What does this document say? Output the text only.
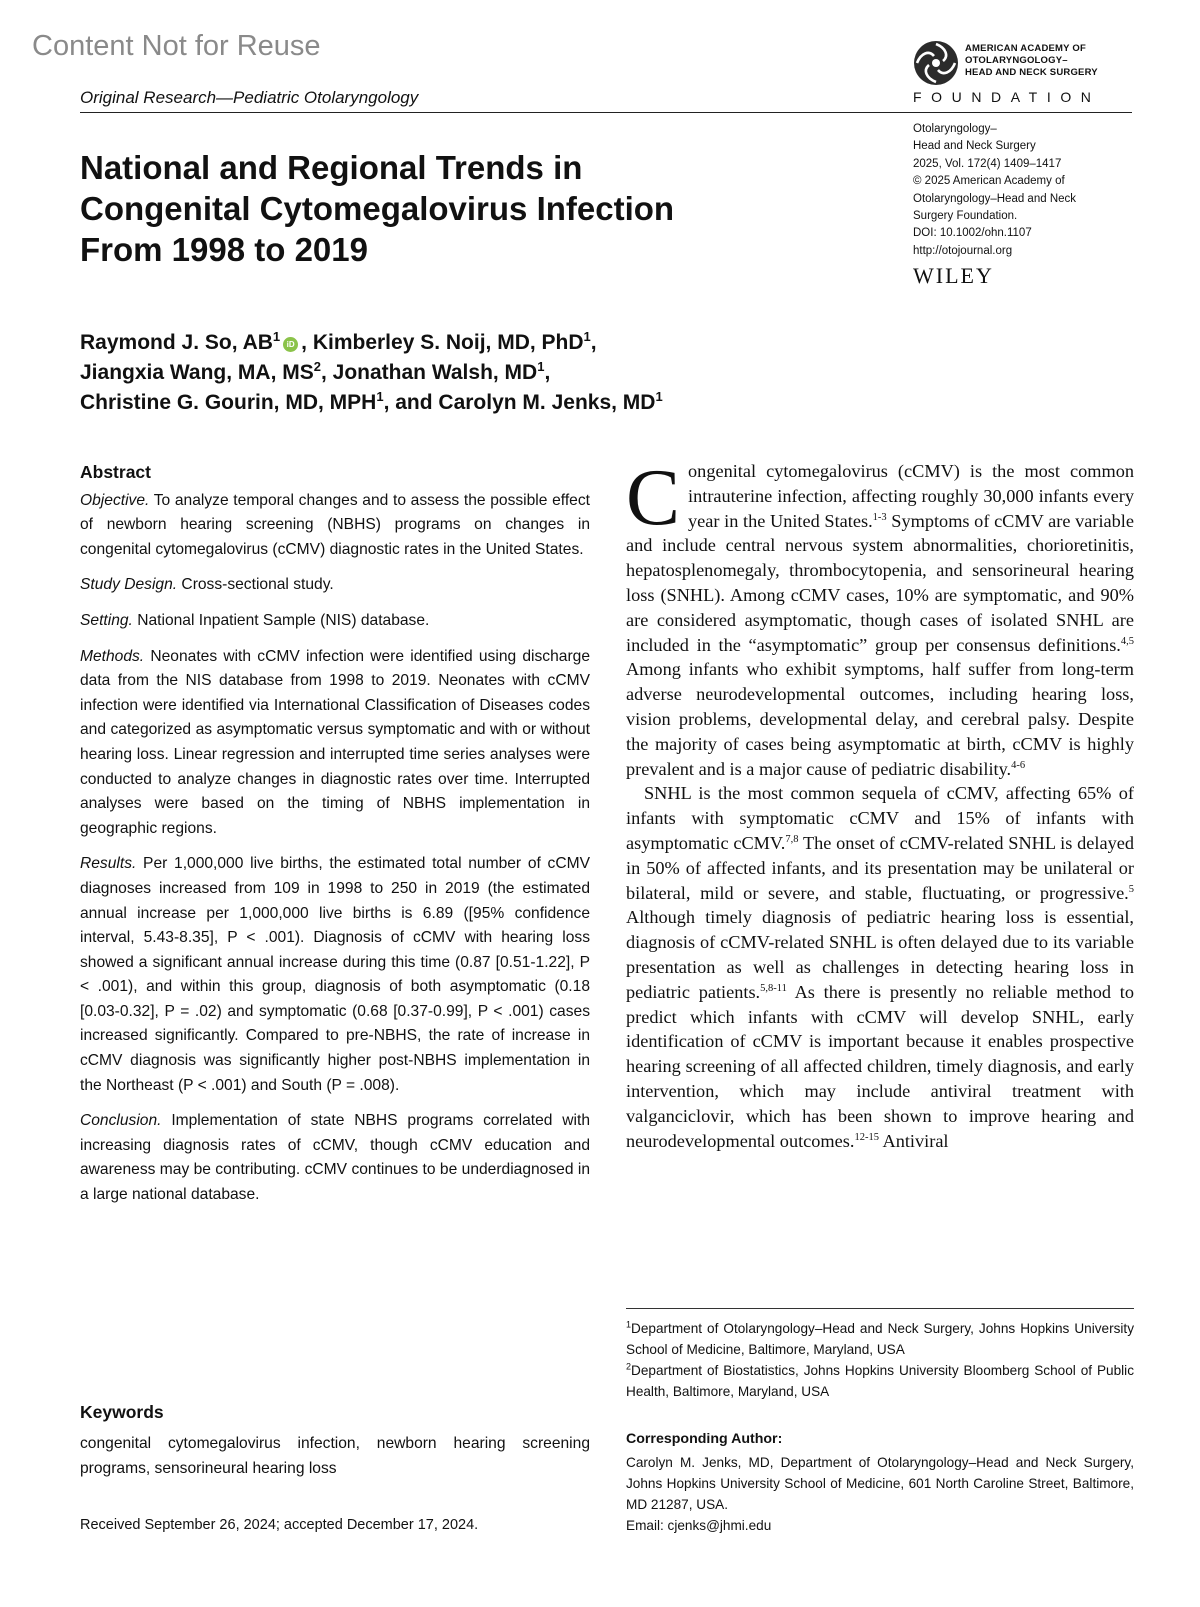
Content Not for Reuse
Original Research—Pediatric Otolaryngology
AMERICAN ACADEMY OF
OTOLARYNGOLOGY–
HEAD AND NECK SURGERY
FOUNDATION
Otolaryngology–
Head and Neck Surgery
2025, Vol. 172(4) 1409–1417
© 2025 American Academy of
Otolaryngology–Head and Neck
Surgery Foundation.
DOI: 10.1002/ohn.1107
http://otojournal.org
WILEY
National and Regional Trends in
Congenital Cytomegalovirus Infection
From 1998 to 2019
Raymond J. So, $AB^1iD$ , Kimberley S. Noij, MD, PhD$^1$,
Jiangxia Wang, MA, $MS^2$, Jonathan Walsh, $MD^1$,
Christine G. Gourin, MD, MPH$^1$, and Carolyn M. Jenks, $MD^1$
Abstract

Objective. To analyze temporal changes and to assess the possible effect of newborn hearing screening (NBHS) programs on changes in congenital cytomegalovirus (cCMV) diagnostic rates in the United States.

Study Design. Cross-sectional study.

Setting. National Inpatient Sample (NIS) database.

Methods. Neonates with cCMV infection were identified using discharge data from the NIS database from 1998 to 2019. Neonates with cCMV infection were identified via International Classification of Diseases codes and categorized as asymptomatic versus symptomatic and with or without hearing loss. Linear regression and interrupted time series analyses were conducted to analyze changes in diagnostic rates over time. Interrupted analyses were based on the timing of NBHS implementation in geographic regions.

Results. Per 1,000,000 live births, the estimated total number of cCMV diagnoses increased from 109 in 1998 to 250 in 2019 (the estimated annual increase per 1,000,000 live births is 6.89 ([95% confidence interval, 5.43-8.35], P < .001). Diagnosis of cCMV with hearing loss showed a significant annual increase during this time (0.87 [0.51-1.22], P < .001), and within this group, diagnosis of both asymptomatic (0.18 [0.03-0.32], P = .02) and symptomatic (0.68 [0.37-0.99], P < .001) cases increased significantly. Compared to pre-NBHS, the rate of increase in cCMV diagnosis was significantly higher post-NBHS implementation in the Northeast (P < .001) and South (P = .008).

Conclusion. Implementation of state NBHS programs correlated with increasing diagnosis rates of cCMV, though cCMV education and awareness may be contributing. cCMV continues to be underdiagnosed in a large national database.

Keywords
congenital cytomegalovirus infection, newborn hearing screening programs, sensorineural hearing loss
Received September 26, 2024; accepted December 17, 2024.

Congenital cytomegalovirus (cCMV) is the most common intrauterine infection, affecting roughly 30,000 infants every year in the United States.$^{1-3}$ Symptoms of cCMV are variable and include central nervous system abnormalities, chorioretinitis, hepatosplenomegaly, thrombocytopenia, and sensorineural hearing loss (SNHL). Among cCMV cases, 10% are symptomatic, and 90% are considered asymptomatic, though cases of isolated SNHL are included in the “asymptomatic” group per consensus definitions.$^{4,5}$ Among infants who exhibit symptoms, half suffer from long-term adverse neurodevelopmental outcomes, including hearing loss, vision problems, developmental delay, and cerebral palsy. Despite the majority of cases being asymptomatic at birth, cCMV is highly prevalent and is a major cause of pediatric disability.$^{4-6}$

SNHL is the most common sequela of cCMV, affecting 65% of infants with symptomatic cCMV and 15% of infants with asymptomatic cCMV.$^{7,8}$ The onset of cCMV-related SNHL is delayed in 50% of affected infants, and its presentation may be unilateral or bilateral, mild or severe, and stable, fluctuating, or progressive.$^5$ Although timely diagnosis of pediatric hearing loss is essential, diagnosis of cCMV-related SNHL is often delayed due to its variable presentation as well as challenges in detecting hearing loss in pediatric patients.$^{5,8-11}$ As there is presently no reliable method to predict which infants with cCMV will develop SNHL, early identification of cCMV is important because it enables prospective hearing screening of all affected children, timely diagnosis, and early intervention, which may include antiviral treatment with valganciclovir, which has been shown to improve hearing and neurodevelopmental outcomes.$^{12-15}$ Antiviral

$^1$Department of Otolaryngology–Head and Neck Surgery, Johns Hopkins University School of Medicine, Baltimore, Maryland, USA

$^2$Department of Biostatistics, Johns Hopkins University Bloomberg School of Public Health, Baltimore, Maryland, USA

Corresponding Author:

Carolyn M. Jenks, MD, Department of Otolaryngology–Head and Neck Surgery, Johns Hopkins University School of Medicine, 601 North Caroline Street, Baltimore, MD 21287, USA.

Email: cjenks@jhmi.edu
